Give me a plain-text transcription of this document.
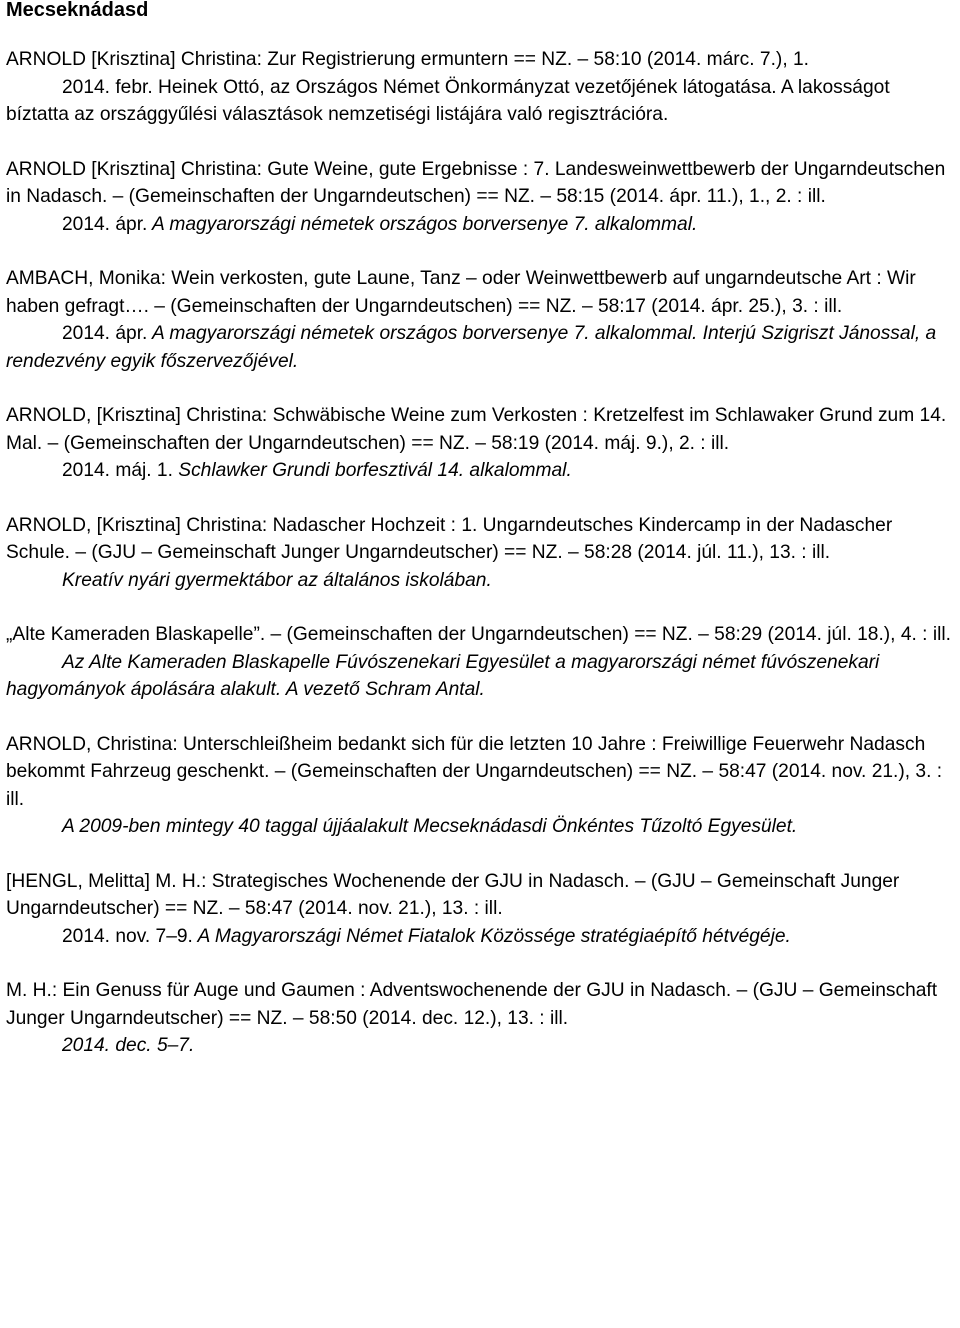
Mecseknádasd
ARNOLD [Krisztina] Christina: Zur Registrierung ermuntern == NZ. – 58:10 (2014. márc. 7.), 1.
2014. febr. Heinek Ottó, az Országos Német Önkormányzat vezetőjének látogatása. A lakosságot bíztatta az országgyűlési választások nemzetiségi listájára való regisztrációra.
ARNOLD [Krisztina] Christina: Gute Weine, gute Ergebnisse : 7. Landesweinwettbewerb der Ungarndeutschen in Nadasch. – (Gemeinschaften der Ungarndeutschen) == NZ. – 58:15 (2014. ápr. 11.), 1., 2. : ill.
2014. ápr. A magyarországi németek országos borversenye 7. alkalommal.
AMBACH, Monika: Wein verkosten, gute Laune, Tanz – oder Weinwettbewerb auf ungarndeutsche Art : Wir haben gefragt…. – (Gemeinschaften der Ungarndeutschen) == NZ. – 58:17 (2014. ápr. 25.), 3. : ill.
2014. ápr. A magyarországi németek országos borversenye 7. alkalommal. Interjú Szigriszt Jánossal, a rendezvény egyik főszervezőjével.
ARNOLD, [Krisztina] Christina: Schwäbische Weine zum Verkosten : Kretzelfest im Schlawaker Grund zum 14. Mal. – (Gemeinschaften der Ungarndeutschen) == NZ. – 58:19 (2014. máj. 9.), 2. : ill.
2014. máj. 1. Schlawker Grundi borfesztivál 14. alkalommal.
ARNOLD, [Krisztina] Christina: Nadascher Hochzeit : 1. Ungarndeutsches Kindercamp in der Nadascher Schule. – (GJU – Gemeinschaft Junger Ungarndeutscher) == NZ. – 58:28 (2014. júl. 11.), 13. : ill.
Kreatív nyári gyermektábor az általános iskolában.
„Alte Kameraden Blaskapelle”. – (Gemeinschaften der Ungarndeutschen) == NZ. – 58:29 (2014. júl. 18.), 4. : ill.
Az Alte Kameraden Blaskapelle Fúvószenekari Egyesület a magyarországi német fúvószenekari hagyományok ápolására alakult. A vezető Schram Antal.
ARNOLD, Christina: Unterschleißheim bedankt sich für die letzten 10 Jahre : Freiwillige Feuerwehr Nadasch bekommt Fahrzeug geschenkt. – (Gemeinschaften der Ungarndeutschen) == NZ. – 58:47 (2014. nov. 21.), 3. : ill.
A 2009-ben mintegy 40 taggal újjáalakult Mecseknádasdi Önkéntes Tűzoltó Egyesület.
[HENGL, Melitta] M. H.: Strategisches Wochenende der GJU in Nadasch. – (GJU – Gemeinschaft Junger Ungarndeutscher) == NZ. – 58:47 (2014. nov. 21.), 13. : ill.
2014. nov. 7–9. A Magyarországi Német Fiatalok Közössége stratégiaépítő hétvégéje.
M. H.: Ein Genuss für Auge und Gaumen : Adventswochenende der GJU in Nadasch. – (GJU – Gemeinschaft Junger Ungarndeutscher) == NZ. – 58:50 (2014. dec. 12.), 13. : ill.
2014. dec. 5–7.
